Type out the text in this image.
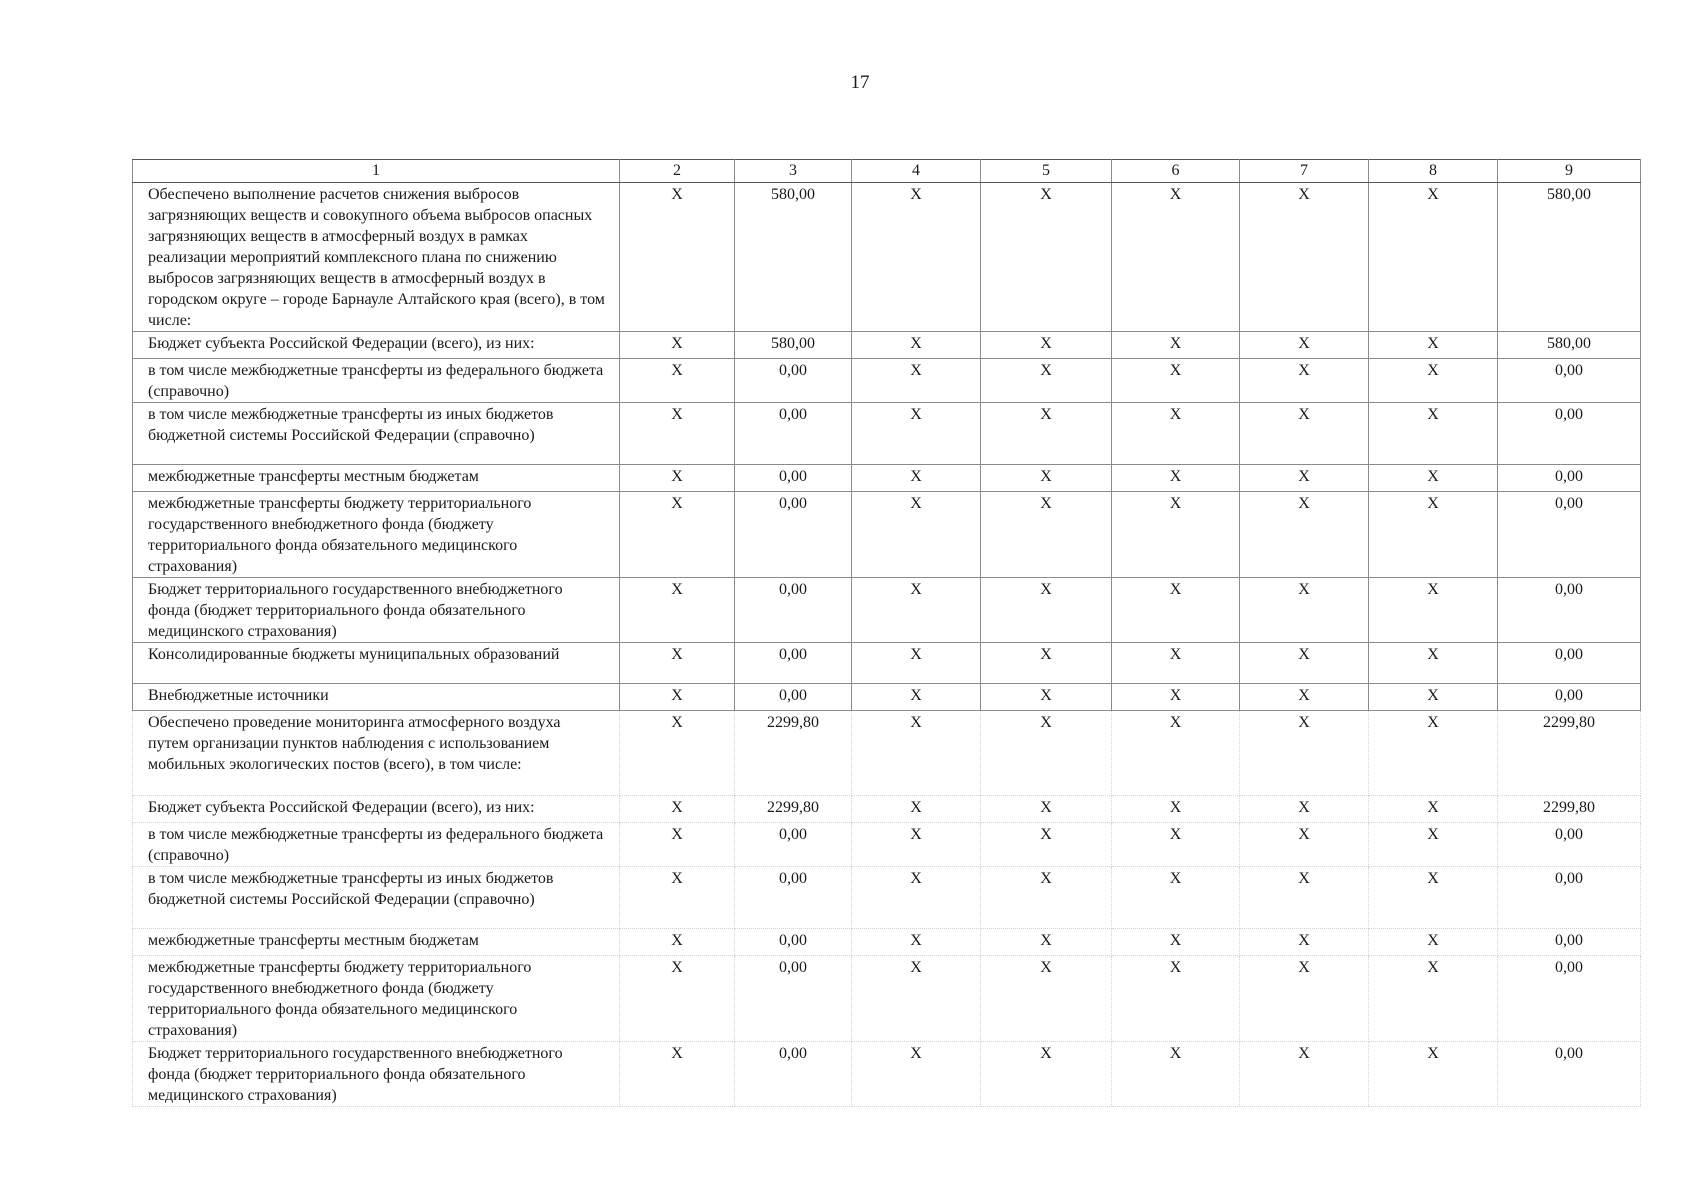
17
1	2	3	4	5	6	7	8	9
Обеспечено выполнение расчетов снижения выбросов загрязняющих веществ и совокупного объема выбросов опасных загрязняющих веществ в атмосферный воздух в рамках реализации мероприятий комплексного плана по снижению выбросов загрязняющих веществ в атмосферный воздух в городском округе – городе Барнауле Алтайского края (всего), в том числе:	Х	580,00	Х	Х	Х	Х	Х	580,00
Бюджет субъекта Российской Федерации (всего), из них:	Х	580,00	Х	Х	Х	Х	Х	580,00
в том числе межбюджетные трансферты из федерального бюджета (справочно)	Х	0,00	Х	Х	Х	Х	Х	0,00
в том числе межбюджетные трансферты из иных бюджетов бюджетной системы Российской Федерации (справочно)	Х	0,00	Х	Х	Х	Х	Х	0,00
межбюджетные трансферты местным бюджетам	Х	0,00	Х	Х	Х	Х	Х	0,00
межбюджетные трансферты бюджету территориального государственного внебюджетного фонда (бюджету территориального фонда обязательного медицинского страхования)	Х	0,00	Х	Х	Х	Х	Х	0,00
Бюджет территориального государственного внебюджетного фонда (бюджет территориального фонда обязательного медицинского страхования)	Х	0,00	Х	Х	Х	Х	Х	0,00
Консолидированные бюджеты муниципальных образований	Х	0,00	Х	Х	Х	Х	Х	0,00
Внебюджетные источники	Х	0,00	Х	Х	Х	Х	Х	0,00
Обеспечено проведение мониторинга атмосферного воздуха путем организации пунктов наблюдения с использованием мобильных экологических постов (всего), в том числе:	Х	2299,80	Х	Х	Х	Х	Х	2299,80
Бюджет субъекта Российской Федерации (всего), из них:	Х	2299,80	Х	Х	Х	Х	Х	2299,80
в том числе межбюджетные трансферты из федерального бюджета (справочно)	Х	0,00	Х	Х	Х	Х	Х	0,00
в том числе межбюджетные трансферты из иных бюджетов бюджетной системы Российской Федерации (справочно)	Х	0,00	Х	Х	Х	Х	Х	0,00
межбюджетные трансферты местным бюджетам	Х	0,00	Х	Х	Х	Х	Х	0,00
межбюджетные трансферты бюджету территориального государственного внебюджетного фонда (бюджету территориального фонда обязательного медицинского страхования)	Х	0,00	Х	Х	Х	Х	Х	0,00
Бюджет территориального государственного внебюджетного фонда (бюджет территориального фонда обязательного медицинского страхования)	Х	0,00	Х	Х	Х	Х	Х	0,00
